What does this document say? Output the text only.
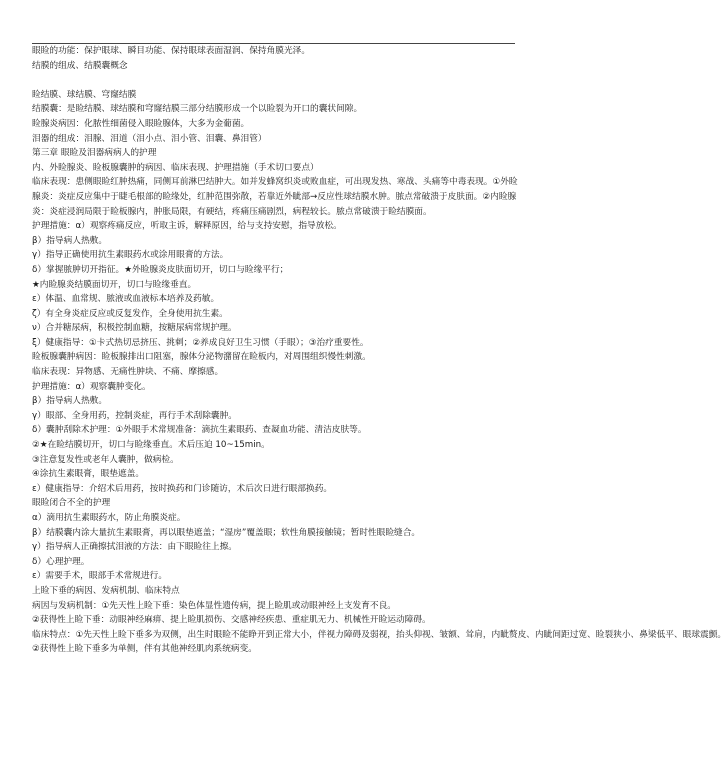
眼睑的功能：保护眼球、瞬目功能、保持眼球表面湿润、保持角膜光泽。
结膜的组成、结膜囊概念
睑结膜、球结膜、穹窿结膜
结膜囊：是睑结膜、球结膜和穹窿结膜三部分结膜形成一个以睑裂为开口的囊状间隙。
睑腺炎病因：化脓性细菌侵入眼睑腺体，大多为金葡菌。
泪器的组成：泪腺、泪道（泪小点、泪小管、泪囊、鼻泪管）
第三章 眼睑及泪器病病人的护理
内、外睑腺炎、睑板腺囊肿的病因、临床表现、护理措施（手术切口要点）
临床表现：患侧眼睑红肿热痛，同侧耳前淋巴结肿大。如并发蜂窝织炎或败血症，可出现发热、寒战、头痛等中毒表现。①外睑腺炎：炎症反应集中于睫毛根部的睑缘处，红肿范围弥散，若靠近外眦部→反应性球结膜水肿。脓点常破溃于皮肤面。②内睑腺炎：炎症浸润局限于睑板腺内，肿胀局限，有硬结，疼痛压痛剧烈，病程较长。脓点常破溃于睑结膜面。
护理措施：α）观察疼痛反应，听取主诉，解释原因，给与支持安慰，指导放松。
β）指导病人热敷。
γ）指导正确使用抗生素眼药水或涂用眼膏的方法。
δ）掌握脓肿切开指征。★外睑腺炎皮肤面切开，切口与睑缘平行；
★内睑腺炎结膜面切开，切口与睑缘垂直。
ε）体温、血常规、脓液或血液标本培养及药敏。
ζ）有全身炎症反应或反复发作，全身使用抗生素。
ν）合并糖尿病，积极控制血糖，按糖尿病常规护理。
ξ）健康指导：①卡式热切忌挤压、挑刺；②养成良好卫生习惯（手眼）；③治疗重要性。
睑板腺囊肿病因：睑板腺排出口阻塞，腺体分泌物潴留在睑板内，对周围组织慢性刺激。
临床表现：异物感、无痛性肿块、不痛、摩擦感。
护理措施：α）观察囊肿变化。
β）指导病人热敷。
γ）眼部、全身用药，控制炎症，再行手术刮除囊肿。
δ）囊肿刮除术护理：①外眼手术常规准备：滴抗生素眼药、查凝血功能、清洁皮肤等。
②★在睑结膜切开，切口与睑缘垂直。术后压迫 10~15min。
③注意复发性或老年人囊肿，做病检。
④涂抗生素眼膏，眼垫遮盖。
ε）健康指导：介绍术后用药，按时换药和门诊随访，术后次日进行眼部换药。
眼睑闭合不全的护理
α）滴用抗生素眼药水，防止角膜炎症。
β）结膜囊内涂大量抗生素眼膏，再以眼垫遮盖；“湿房”覆盖眼；软性角膜接触镜；暂时性眼睑缝合。
γ）指导病人正确擦拭泪液的方法：由下眼睑往上擦。
δ）心理护理。
ε）需要手术，眼部手术常规进行。
上睑下垂的病因、发病机制、临床特点
病因与发病机制：①先天性上睑下垂：染色体显性遗传病，提上睑肌或动眼神经上支发育不良。
②获得性上睑下垂：动眼神经麻痹、提上睑肌损伤、交感神经疾患、重症肌无力、机械性开睑运动障碍。
临床特点：①先天性上睑下垂多为双侧，出生时眼睑不能睁开到正常大小，伴视力障碍及弱视，抬头仰视、皱额、耸肩，内眦赘皮、内眦间距过宽、睑裂狭小、鼻梁低平、眼球震颤。
②获得性上睑下垂多为单侧，伴有其他神经肌肉系统病变。
